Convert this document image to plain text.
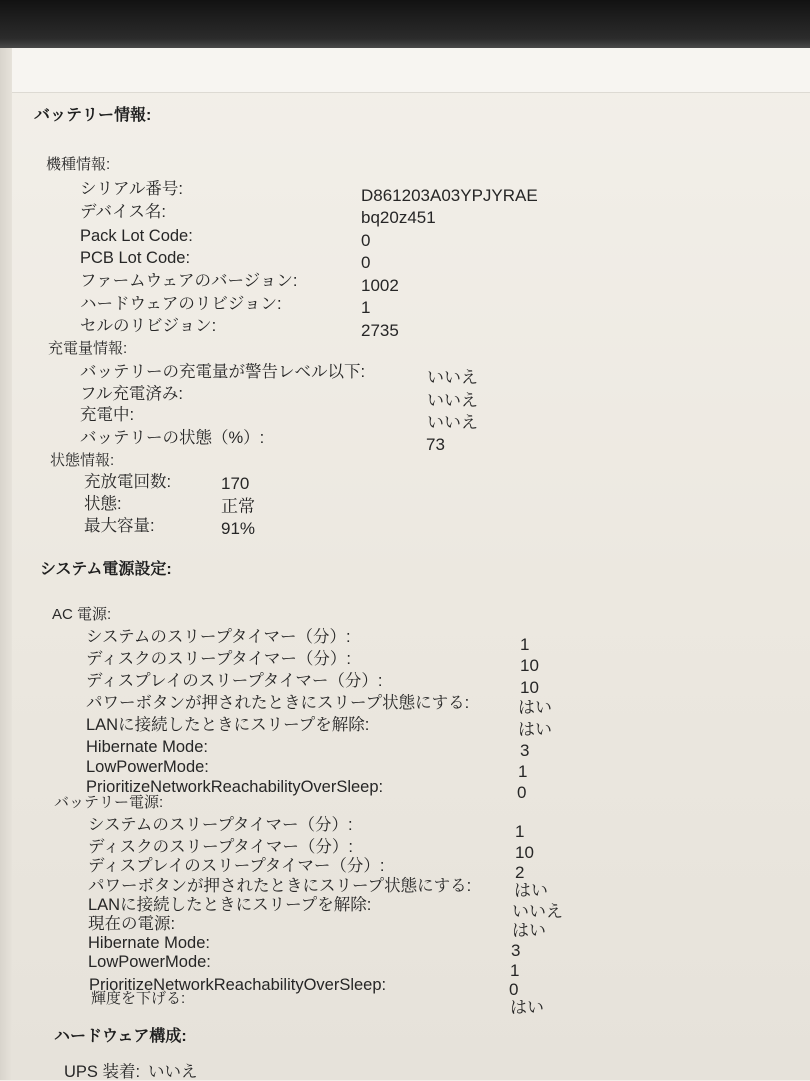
バッテリー情報:
機種情報:
シリアル番号:	D861203A03YPJYRAE
デバイス名:	bq20z451
Pack Lot Code:	0
PCB Lot Code:	0
ファームウェアのバージョン:	1002
ハードウェアのリビジョン:	1
セルのリビジョン:	2735
充電量情報:
バッテリーの充電量が警告レベル以下:	いいえ
フル充電済み:	いいえ
充電中:	いいえ
バッテリーの状態（%）:	73
状態情報:
充放電回数:	170
状態:	正常
最大容量:	91%
システム電源設定:
AC 電源:
システムのスリープタイマー（分）:	1
ディスクのスリープタイマー（分）:	10
ディスプレイのスリープタイマー（分）:	10
パワーボタンが押されたときにスリープ状態にする:	はい
LANに接続したときにスリープを解除:	はい
Hibernate Mode:	3
LowPowerMode:	1
PrioritizeNetworkReachabilityOverSleep:	0
バッテリー電源:
システムのスリープタイマー（分）:	1
ディスクのスリープタイマー（分）:	10
ディスプレイのスリープタイマー（分）:	2
パワーボタンが押されたときにスリープ状態にする:	はい
LANに接続したときにスリープを解除:	いいえ
現在の電源:	はい
Hibernate Mode:	3
LowPowerMode:	1
PrioritizeNetworkReachabilityOverSleep:	0
輝度を下げる:	はい
ハードウェア構成:
UPS 装着: いいえ
